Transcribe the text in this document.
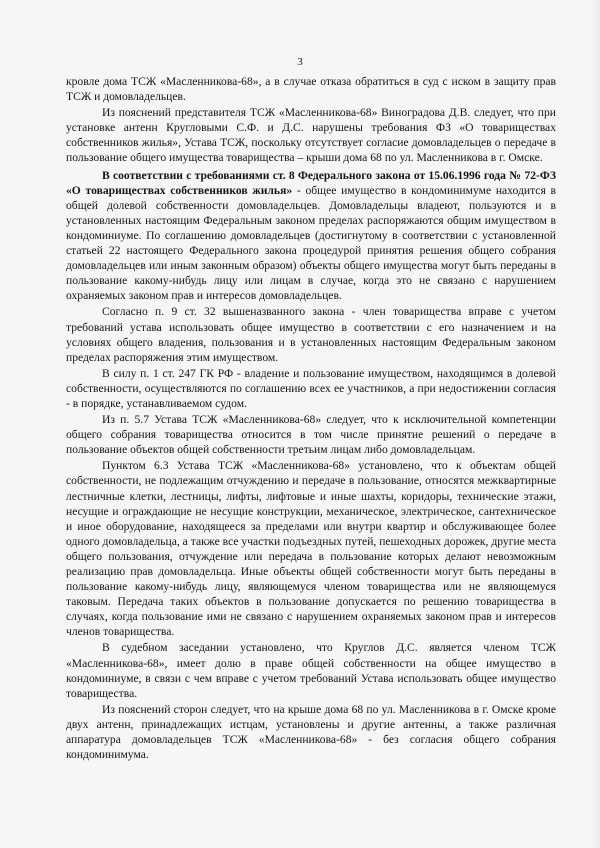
3

кровле дома ТСЖ «Масленникова-68», а в случае отказа обратиться в суд с иском в защиту прав ТСЖ и домовладельцев.

Из пояснений представителя ТСЖ «Масленникова-68» Виноградова Д.В. следует, что при установке антенн Кругловыми С.Ф. и Д.С. нарушены требования ФЗ «О товариществах собственников жилья», Устава ТСЖ, поскольку отсутствует согласие домовладельцев о передаче в пользование общего имущества товарищества – крыши дома 68 по ул. Масленникова в г. Омске.

В соответствии с требованиями ст. 8 Федерального закона от 15.06.1996 года № 72-ФЗ «О товариществах собственников жилья» - общее имущество в кондоминимуме находится в общей долевой собственности домовладельцев. Домовладельцы владеют, пользуются и в установленных настоящим Федеральным законом пределах распоряжаются общим имуществом в кондоминиуме. По соглашению домовладельцев (достигнутому в соответствии с установленной статьей 22 настоящего Федерального закона процедурой принятия решения общего собрания домовладельцев или иным законным образом) объекты общего имущества могут быть переданы в пользование какому-нибудь лицу или лицам в случае, когда это не связано с нарушением охраняемых законом прав и интересов домовладельцев.

Согласно п. 9 ст. 32 вышеназванного закона - член товарищества вправе с учетом требований устава использовать общее имущество в соответствии с его назначением и на условиях общего владения, пользования и в установленных настоящим Федеральным законом пределах распоряжения этим имуществом.

В силу п. 1 ст. 247 ГК РФ - владение и пользование имуществом, находящимся в долевой собственности, осуществляются по соглашению всех ее участников, а при недостижении согласия - в порядке, устанавливаемом судом.

Из п. 5.7 Устава ТСЖ «Масленникова-68» следует, что к исключительной компетенции общего собрания товарищества относится в том числе принятие решений о передаче в пользование объектов общей собственности третьим лицам либо домовладельцам.

Пунктом 6.3 Устава ТСЖ «Масленникова-68» установлено, что к объектам общей собственности, не подлежащим отчуждению и передаче в пользование, относятся межквартирные лестничные клетки, лестницы, лифты, лифтовые и иные шахты, коридоры, технические этажи, несущие и ограждающие не несущие конструкции, механическое, электрическое, сантехническое и иное оборудование, находящееся за пределами или внутри квартир и обслуживающее более одного домовладельца, а также все участки подъездных путей, пешеходных дорожек, другие места общего пользования, отчуждение или передача в пользование которых делают невозможным реализацию прав домовладельца. Иные объекты общей собственности могут быть переданы в пользование какому-нибудь лицу, являющемуся членом товарищества или не являющемуся таковым. Передача таких объектов в пользование допускается по решению товарищества в случаях, когда пользование ими не связано с нарушением охраняемых законом прав и интересов членов товарищества.

В судебном заседании установлено, что Круглов Д.С. является членом ТСЖ «Масленникова-68», имеет долю в праве общей собственности на общее имущество в кондоминиуме, в связи с чем вправе с учетом требований Устава использовать общее имущество товарищества.

Из пояснений сторон следует, что на крыше дома 68 по ул. Масленникова в г. Омске кроме двух антенн, принадлежащих истцам, установлены и другие антенны, а также различная аппаратура домовладельцев ТСЖ «Масленникова-68» - без согласия общего собрания кондоминимума.
